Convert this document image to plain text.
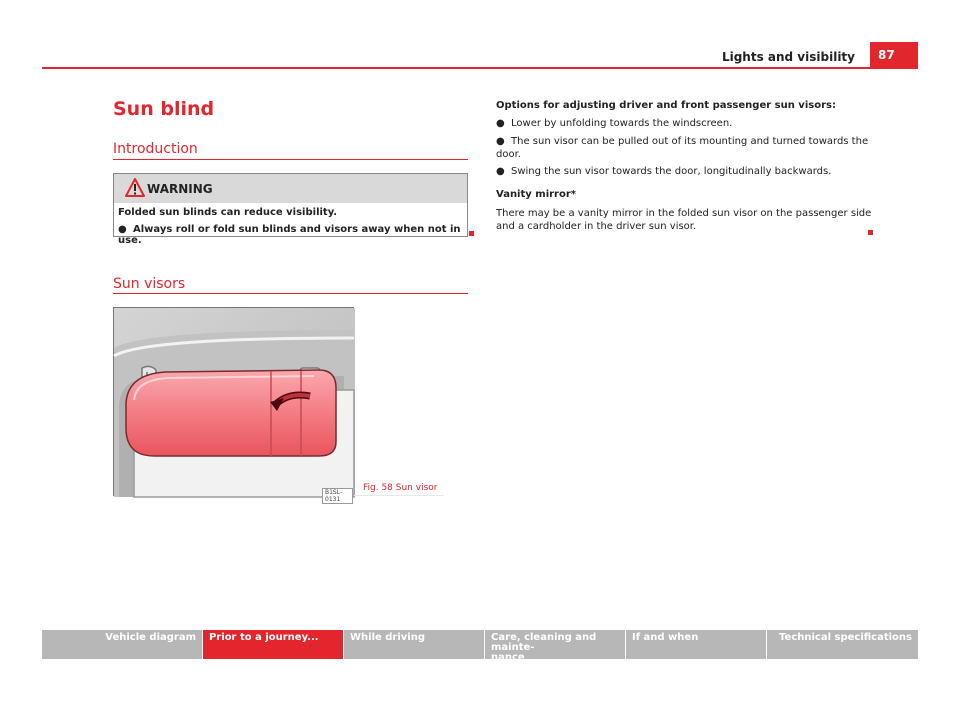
Lights and visibility	87
Sun blind
Introduction
WARNING
Folded sun blinds can reduce visibility.
● Always roll or fold sun blinds and visors away when not in use.
Sun visors
B1SL-0131
Fig. 58 Sun visor
Options for adjusting driver and front passenger sun visors:
● Lower by unfolding towards the windscreen.
● The sun visor can be pulled out of its mounting and turned towards the
door.
● Swing the sun visor towards the door, longitudinally backwards.
Vanity mirror*
There may be a vanity mirror in the folded sun visor on the passenger side
and a cardholder in the driver sun visor.
Vehicle diagram Prior to a journey...	While driving	Care, cleaning and mainte-
nance
If and when	Technical specifications
